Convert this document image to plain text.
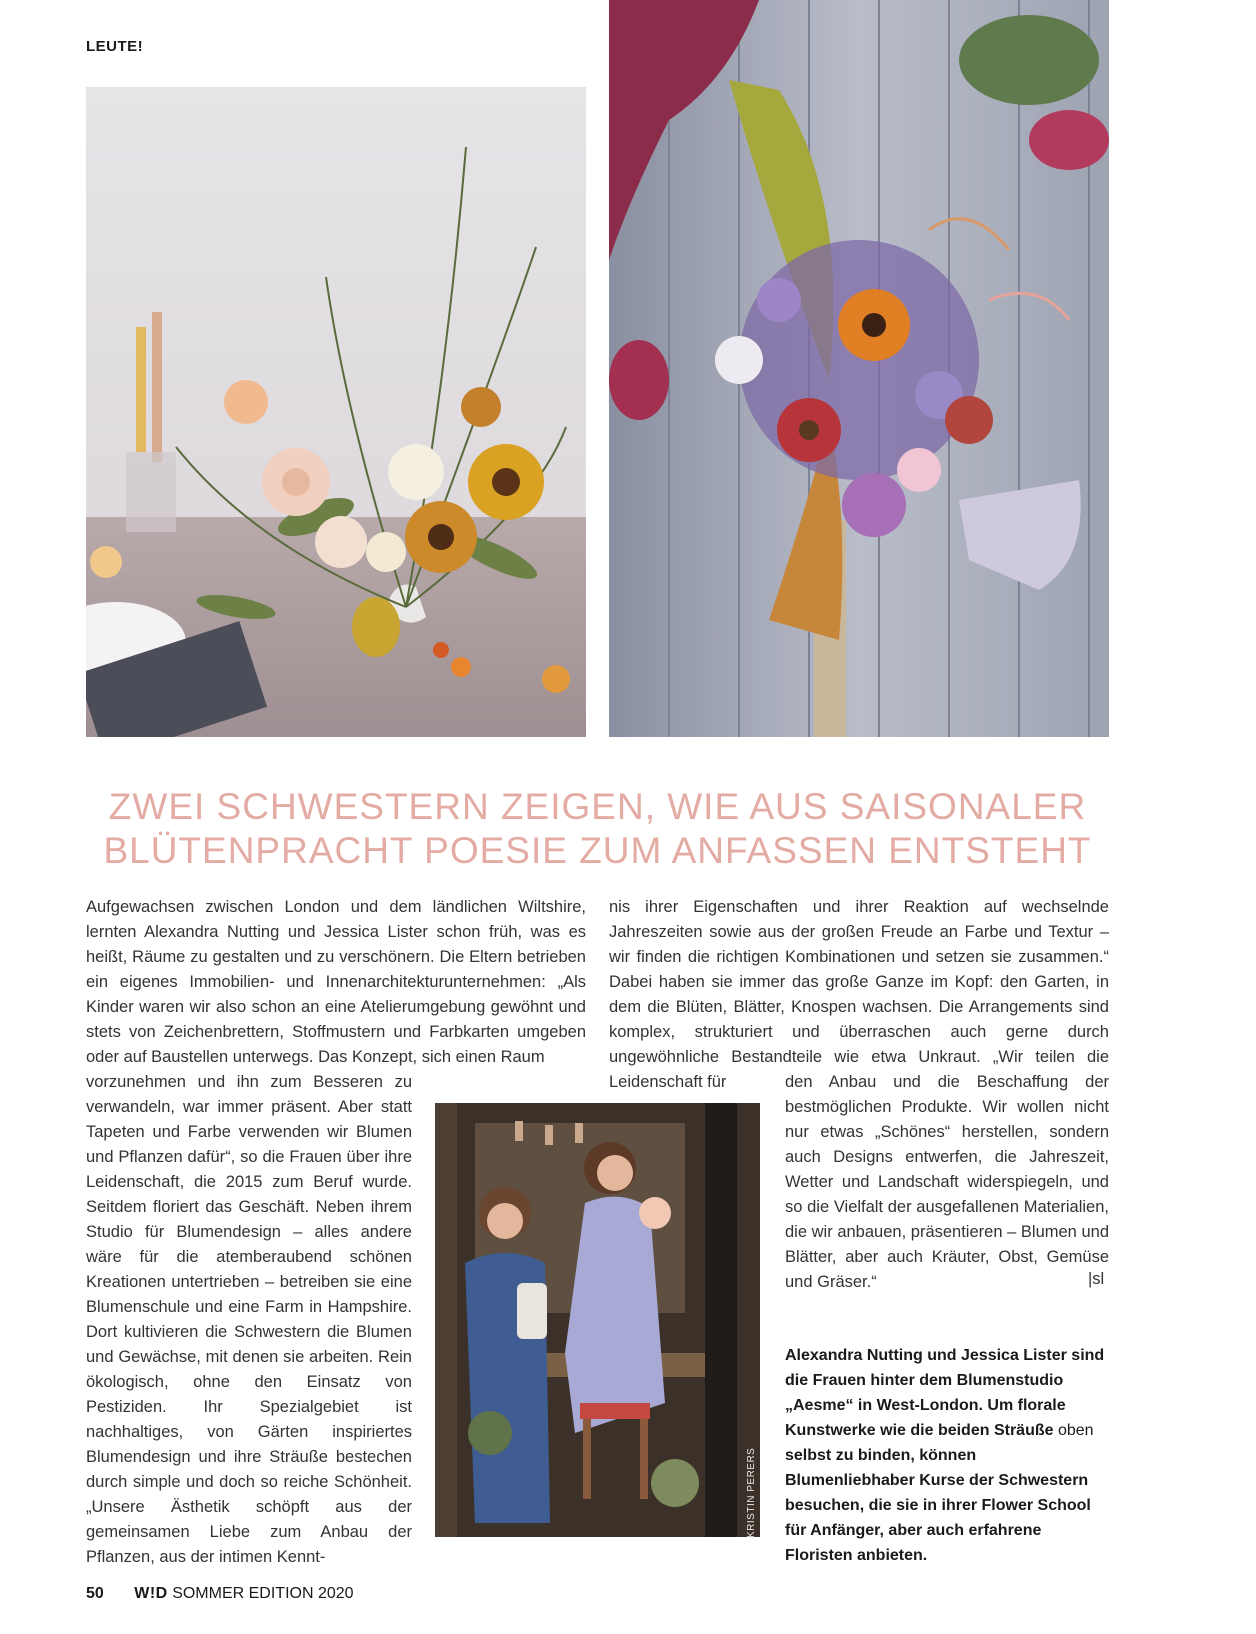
LEUTE!
ZWEI SCHWESTERN ZEIGEN, WIE AUS SAISONALER
BLÜTENPRACHT POESIE ZUM ANFASSEN ENTSTEHT
Aufgewachsen zwischen London und dem ländlichen Wiltshire, lernten Alexandra Nutting und Jessica Lister schon früh, was es heißt, Räume zu gestalten und zu verschönern. Die Eltern betrieben ein eigenes Immobilien- und Innenarchitekturunternehmen: „Als Kinder waren wir also schon an eine Atelierumgebung gewöhnt und stets von Zeichenbrettern, Stoffmustern und Farbkarten umgeben oder auf Baustellen unterwegs. Das Konzept, sich einen Raum
vorzunehmen und ihn zum Besseren zu verwandeln, war immer präsent. Aber statt Tapeten und Farbe verwenden wir Blumen und Pflanzen dafür“, so die Frauen über ihre Leidenschaft, die 2015 zum Beruf wurde. Seitdem floriert das Geschäft. Neben ihrem Studio für Blumendesign – alles andere wäre für die atemberaubend schönen Kreationen untertrieben – betreiben sie eine Blumenschule und eine Farm in Hampshire. Dort kultivieren die Schwestern die Blumen und Gewächse, mit denen sie arbeiten. Rein ökologisch, ohne den Einsatz von Pestiziden. Ihr Spezialgebiet ist nachhaltiges, von Gärten inspiriertes Blumendesign und ihre Sträuße bestechen durch simple und doch so reiche Schönheit. „Unsere Ästhetik schöpft aus der gemeinsamen Liebe zum Anbau der Pflanzen, aus der intimen Kennt-
nis ihrer Eigenschaften und ihrer Reaktion auf wechselnde Jahreszeiten sowie aus der großen Freude an Farbe und Textur – wir finden die richtigen Kombinationen und setzen sie zusammen.“ Dabei haben sie immer das große Ganze im Kopf: den Garten, in dem die Blüten, Blätter, Knospen wachsen. Die Arrangements sind komplex, strukturiert und überraschen auch gerne durch ungewöhnliche Bestandteile wie etwa Unkraut. „Wir teilen die Leidenschaft für	den Anbau und die Beschaffung der bestmöglichen Produkte. Wir wollen nicht nur etwas „Schönes“ herstellen, sondern auch Designs entwerfen, die Jahreszeit, Wetter und Landschaft widerspiegeln, und so die Vielfalt der ausgefallenen Materialien, die wir anbauen, präsentieren – Blumen und Blätter, aber auch Kräuter, Obst, Gemüse und Gräser.“	|sl
KRISTIN PERERS
Alexandra Nutting und Jessica Lister sind die Frauen hinter dem Blumenstudio „Aesme“ in West-London. Um florale Kunstwerke wie die beiden Sträuße oben selbst zu binden, können Blumenliebhaber Kurse der Schwestern besuchen, die sie in ihrer Flower School für Anfänger, aber auch erfahrene Floristen anbieten.
50 W!D SOMMER EDITION 2020
